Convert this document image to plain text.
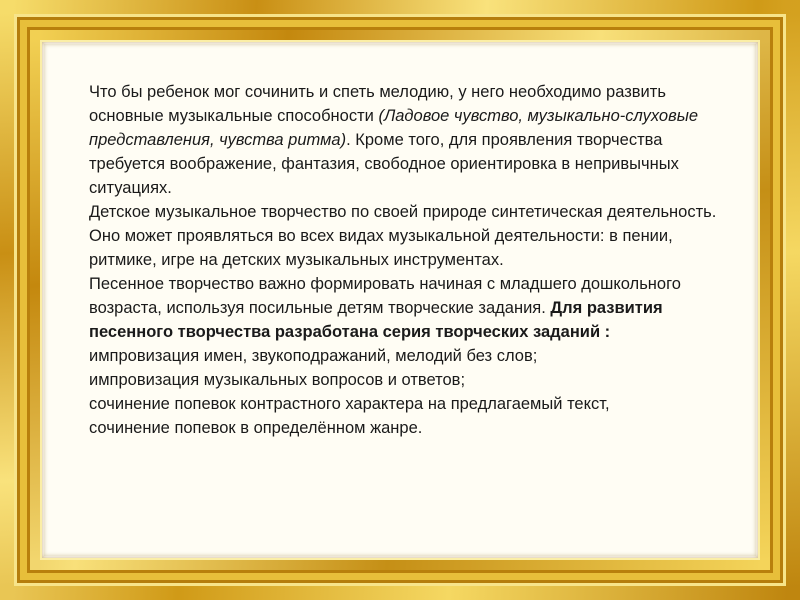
Что бы ребенок мог сочинить и спеть мелодию, у него необходимо развить основные музыкальные способности (Ладовое чувство, музыкально-слуховые представления, чувства ритма). Кроме того, для проявления творчества требуется воображение, фантазия, свободное ориентировка в непривычных ситуациях.

Детское музыкальное творчество по своей природе синтетическая деятельность. Оно может проявляться во всех видах музыкальной деятельности: в пении, ритмике, игре на детских музыкальных инструментах.

Песенное творчество важно формировать начиная с младшего дошкольного возраста, используя посильные детям творческие задания. Для развития песенного творчества разработана серия творческих заданий :

импровизация имен, звукоподражаний, мелодий без слов;

импровизация музыкальных вопросов и ответов;

сочинение попевок контрастного характера на предлагаемый текст,

сочинение попевок в определённом жанре.
